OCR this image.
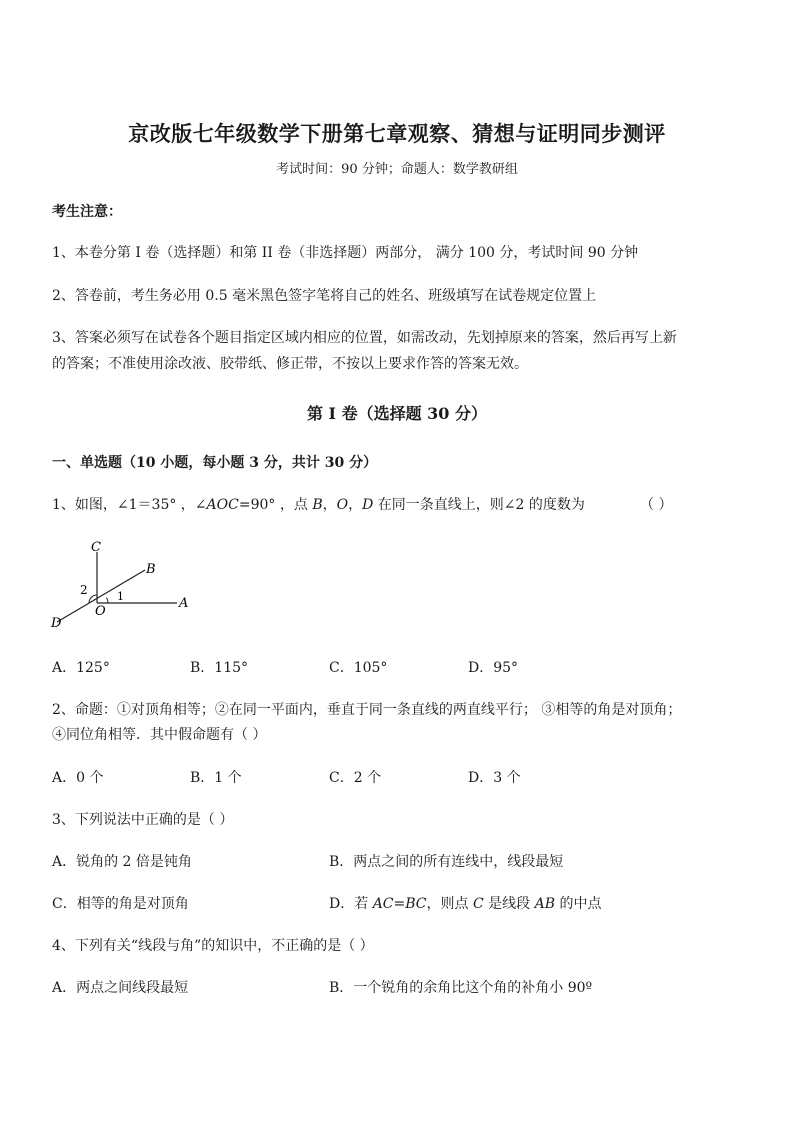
京改版七年级数学下册第七章观察、猜想与证明同步测评
考试时间：90 分钟；命题人：数学教研组
考生注意：
1、本卷分第 I 卷（选择题）和第 II 卷（非选择题）两部分， 满分 100 分，考试时间 90 分钟
2、答卷前，考生务必用 0.5 毫米黑色签字笔将自己的姓名、班级填写在试卷规定位置上
3、答案必须写在试卷各个题目指定区域内相应的位置，如需改动，先划掉原来的答案，然后再写上新
的答案；不准使用涂改液、胶带纸、修正带，不按以上要求作答的答案无效。
第 I 卷（选择题 30 分）
一、单选题（10 小题，每小题 3 分，共计 30 分）
1、如图，∠1＝35° ，∠AOC=90° ，点 B，O，D 在同一条直线上，则∠2 的度数为	（ ）
C
B
2	1
O
A
D
A．125°	B．115°	C．105°	D．95°
2、命题：①对顶角相等；②在同一平面内，垂直于同一条直线的两直线平行； ③相等的角是对顶角；
④同位角相等．其中假命题有（ ）
A．0 个	B．1 个	C．2 个	D．3 个
3、下列说法中正确的是（ ）
A．锐角的 2 倍是钝角	B．两点之间的所有连线中，线段最短
C．相等的角是对顶角	D．若 AC=BC，则点 C 是线段 AB 的中点
4、下列有关“线段与角”的知识中，不正确的是（ ）
A．两点之间线段最短	B．一个锐角的余角比这个角的补角小 90º
